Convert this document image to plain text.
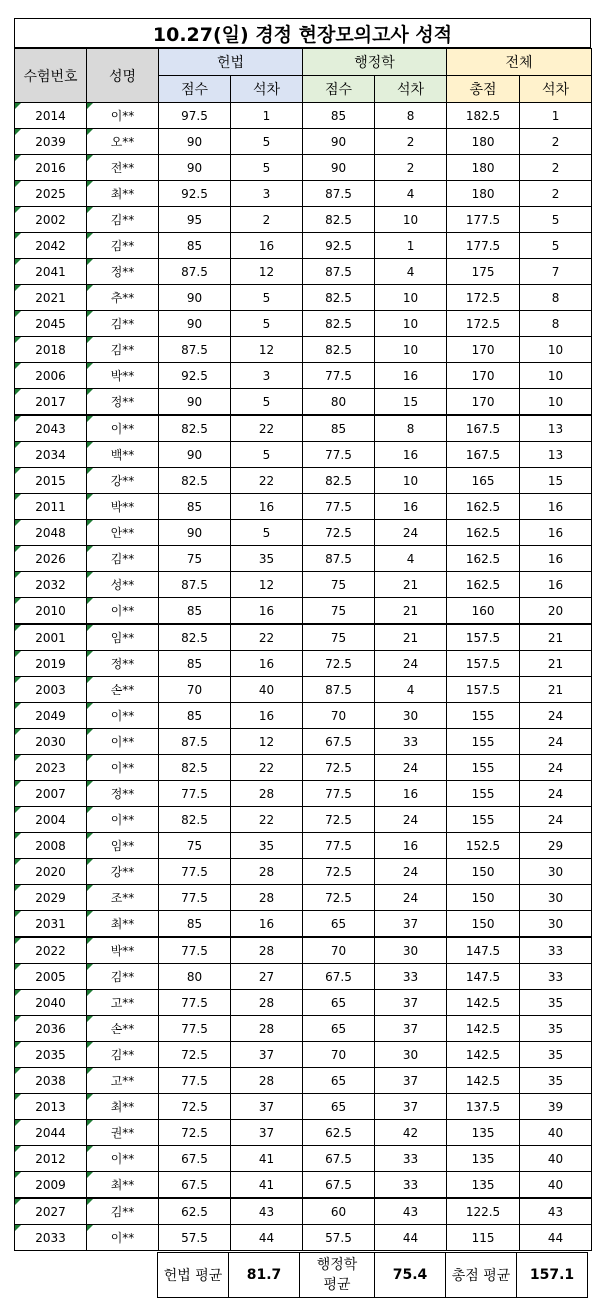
10.27(일) 경정 현장모의고사 성적
수험번호	성명	헌법		행정학		전체	
		점수	석차	점수	석차	총점	석차
2014	이**	97.5	1	85	8	182.5	1
2039	오**	90	5	90	2	180	2
2016	전**	90	5	90	2	180	2
2025	최**	92.5	3	87.5	4	180	2
2002	김**	95	2	82.5	10	177.5	5
2042	김**	85	16	92.5	1	177.5	5
2041	정**	87.5	12	87.5	4	175	7
2021	추**	90	5	82.5	10	172.5	8
2045	김**	90	5	82.5	10	172.5	8
2018	김**	87.5	12	82.5	10	170	10
2006	박**	92.5	3	77.5	16	170	10
2017	정**	90	5	80	15	170	10
2043	이**	82.5	22	85	8	167.5	13
2034	백**	90	5	77.5	16	167.5	13
2015	강**	82.5	22	82.5	10	165	15
2011	박**	85	16	77.5	16	162.5	16
2048	안**	90	5	72.5	24	162.5	16
2026	김**	75	35	87.5	4	162.5	16
2032	성**	87.5	12	75	21	162.5	16
2010	이**	85	16	75	21	160	20
2001	임**	82.5	22	75	21	157.5	21
2019	정**	85	16	72.5	24	157.5	21
2003	손**	70	40	87.5	4	157.5	21
2049	이**	85	16	70	30	155	24
2030	이**	87.5	12	67.5	33	155	24
2023	이**	82.5	22	72.5	24	155	24
2007	정**	77.5	28	77.5	16	155	24
2004	이**	82.5	22	72.5	24	155	24
2008	임**	75	35	77.5	16	152.5	29
2020	강**	77.5	28	72.5	24	150	30
2029	조**	77.5	28	72.5	24	150	30
2031	최**	85	16	65	37	150	30
2022	박**	77.5	28	70	30	147.5	33
2005	김**	80	27	67.5	33	147.5	33
2040	고**	77.5	28	65	37	142.5	35
2036	손**	77.5	28	65	37	142.5	35
2035	김**	72.5	37	70	30	142.5	35
2038	고**	77.5	28	65	37	142.5	35
2013	최**	72.5	37	65	37	137.5	39
2044	권**	72.5	37	62.5	42	135	40
2012	이**	67.5	41	67.5	33	135	40
2009	최**	67.5	41	67.5	33	135	40
2027	김**	62.5	43	60	43	122.5	43
2033	이**	57.5	44	57.5	44	115	44
헌법 평균	81.7	
행정학
평균
	75.4	총점 평균	157.1
